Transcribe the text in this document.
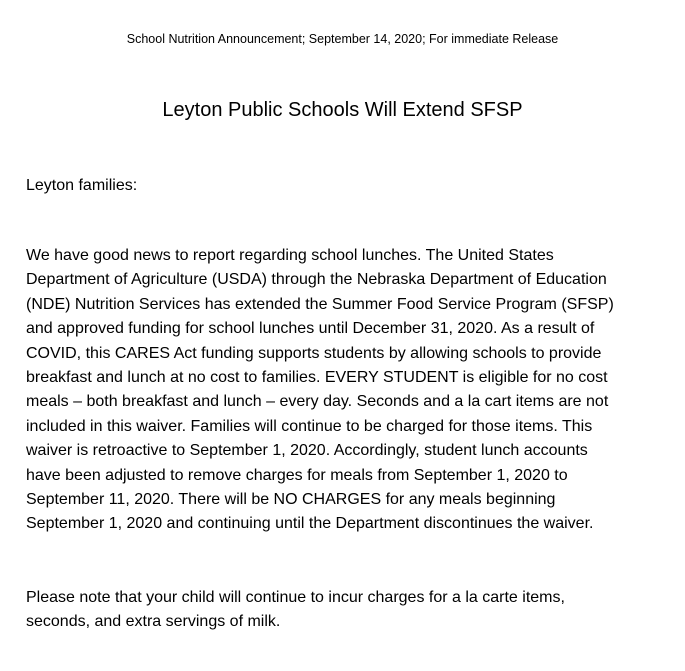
School Nutrition Announcement; September 14, 2020; For immediate Release
Leyton Public Schools Will Extend SFSP
Leyton families:

We have good news to report regarding school lunches. The United States
Department of Agriculture (USDA) through the Nebraska Department of Education
(NDE) Nutrition Services has extended the Summer Food Service Program (SFSP)
and approved funding for school lunches until December 31, 2020. As a result of
COVID, this CARES Act funding supports students by allowing schools to provide
breakfast and lunch at no cost to families. EVERY STUDENT is eligible for no cost
meals – both breakfast and lunch – every day. Seconds and a la cart items are not
included in this waiver. Families will continue to be charged for those items. This
waiver is retroactive to September 1, 2020. Accordingly, student lunch accounts
have been adjusted to remove charges for meals from September 1, 2020 to
September 11, 2020. There will be NO CHARGES for any meals beginning
September 1, 2020 and continuing until the Department discontinues the waiver.

Please note that your child will continue to incur charges for a la carte items,
seconds, and extra servings of milk.
